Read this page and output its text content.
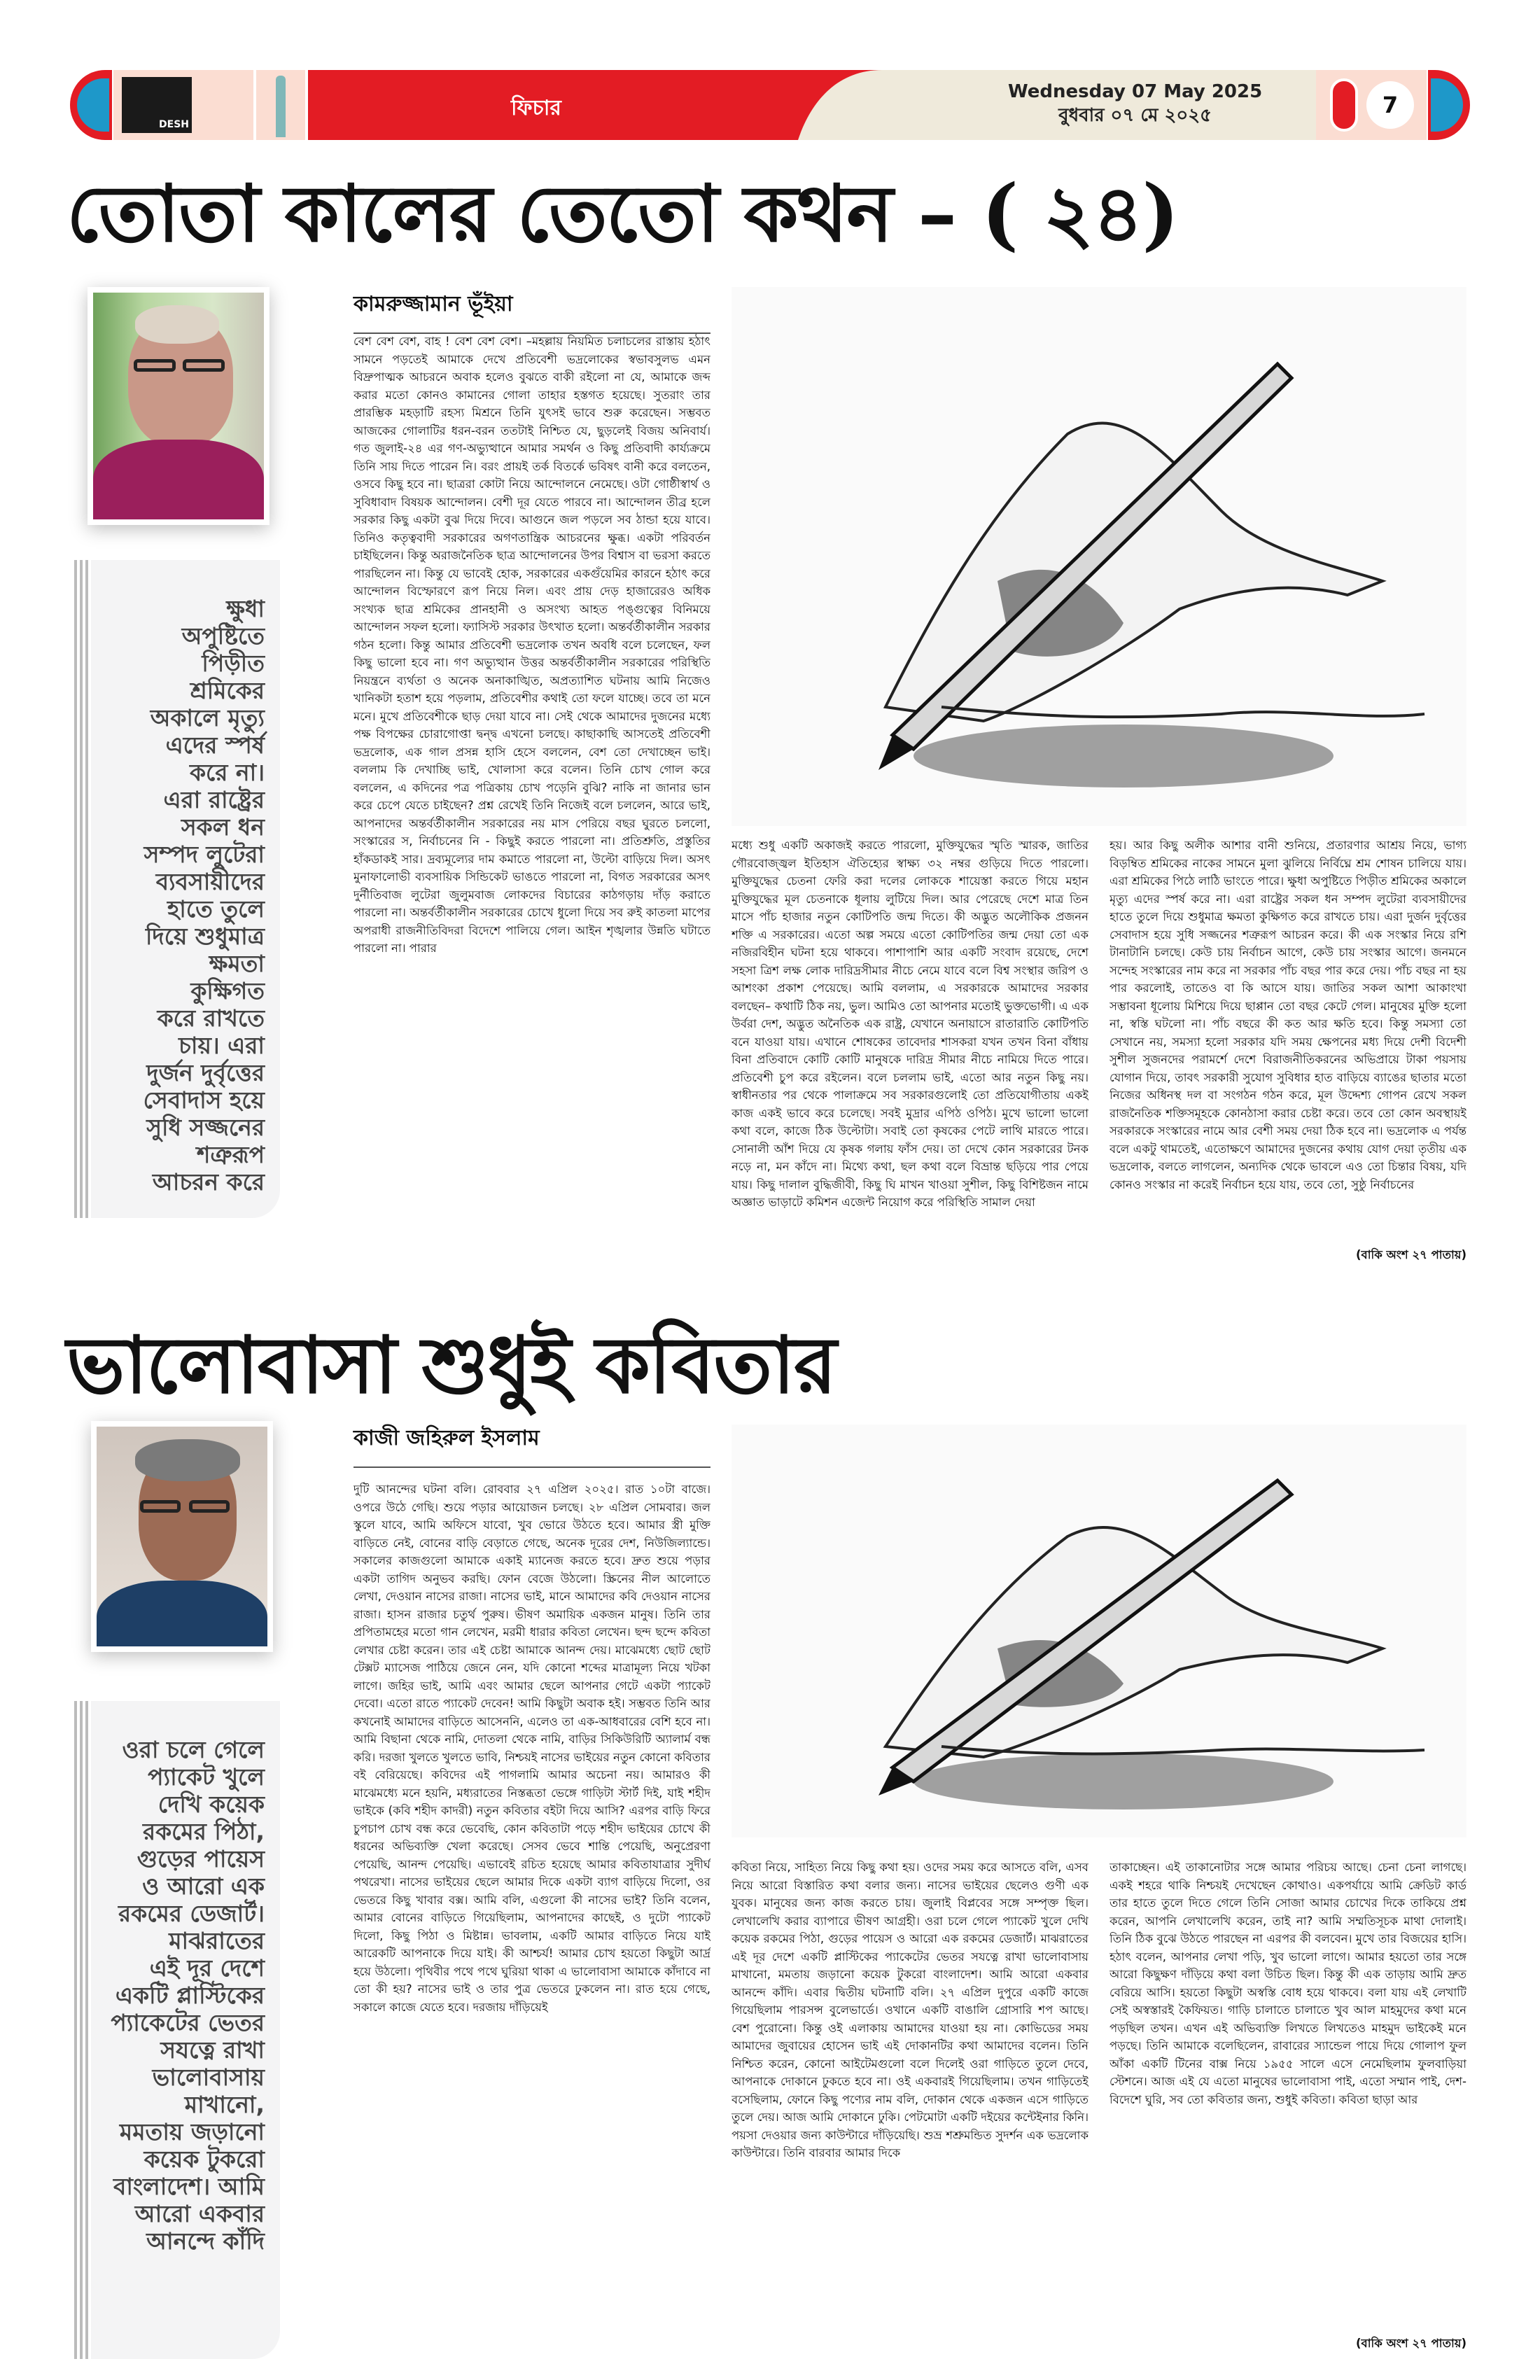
DESH
ফিচার
Wednesday 07 May 2025
বুধবার ০৭ মে ২০২৫	7
তোতা কালের তেতো কথন – ( ২৪)

ক্ষুধা
অপুষ্টিতে
পিড়ীত
শ্রমিকের
অকালে মৃত্যু
এদের স্পর্ষ
করে না।
এরা রাষ্ট্রের
সকল ধন
সম্পদ লুটেরা
ব্যবসায়ীদের
হাতে তুলে
দিয়ে শুধুমাত্র
ক্ষমতা
কুক্ষিগত
করে রাখতে
চায়। এরা
দুর্জন দুর্বৃত্তের
সেবাদাস হয়ে
সুধি সজ্জনের
শত্রুরূপ
আচরন করে

কামরুজ্জামান ভূঁইয়া

বেশ বেশ বেশ, বাহ ! বেশ বেশ বেশ। –মহল্লায় নিয়মিত চলাচলের রাস্তায় হঠাৎ সামনে পড়তেই আমাকে দেখে প্রতিবেশী ভদ্রলোকের স্বভাবসুলভ এমন বিদ্রুপাত্মক আচরনে অবাক হলেও বুঝতে বাকী রইলো না যে, আমাকে জব্দ করার মতো কোনও কামানের গোলা তাহার হস্তগত হয়েছে। সুতরাং তার প্রারম্ভিক মহড়াটি রহস্য মিশ্রনে তিনি যুৎসই ভাবে শুরু করেছেন। সম্ভবত আজকের গোলাটির ধরন-বরন ততটাই নিশ্চিত যে, ছুড়লেই বিজয় অনিবার্য। গত জুলাই-২৪ এর গণ-অভ্যুত্থানে আমার সমর্থন ও কিছু প্রতিবাদী কার্য্যক্রমে তিনি সায় দিতে পারেন নি। বরং প্রায়ই তর্ক বিতর্কে ভবিষৎ বানী করে বলতেন, ওসবে কিছু হবে না। ছাত্ররা কোটা নিয়ে আন্দোলনে নেমেছে। ওটা গোষ্ঠীস্বার্থ ও সুবিধাবাদ বিষয়ক আন্দোলন। বেশী দূর যেতে পারবে না। আন্দোলন তীব্র হলে সরকার কিছু একটা বুঝ দিয়ে দিবে। আগুনে জল পড়লে সব ঠান্ডা হয়ে যাবে। তিনিও কতৃত্ববাদী সরকারের অগণতান্ত্রিক আচরনের ক্ষুব্ধ। একটা পরিবর্তন চাইছিলেন। কিন্তু অরাজনৈতিক ছাত্র আন্দোলনের উপর বিশ্বাস বা ভরসা করতে পারছিলেন না। কিন্তু যে ভাবেই হোক, সরকারের একগুঁয়েমির কারনে হঠাৎ করে আন্দোলন বিস্ফোরণে রূপ নিয়ে নিল। এবং প্রায় দেড় হাজারেরও অধিক সংখ্যক ছাত্র শ্রমিকের প্রানহানী ও অসংখ্য আহত পঙ্গুত্বের বিনিময়ে আন্দোলন সফল হলো। ফ্যাসিস্ট সরকার উৎখাত হলো। অন্তর্বর্তীকালীন সরকার গঠন হলো। কিন্তু আমার প্রতিবেশী ভদ্রলোক তখন অবধি বলে চলেছেন, ফল কিছু ভালো হবে না। গণ অভ্যুত্থান উত্তর অন্তর্বর্তীকালীন সরকারের পরিস্থিতি নিয়ন্ত্রনে ব্যর্থতা ও অনেক অনাকাঙ্খিত, অপ্রত্যাশিত ঘটনায় আমি নিজেও খানিকটা হতাশ হয়ে পড়লাম, প্রতিবেশীর কথাই তো ফলে যাচ্ছে। তবে তা মনে মনে। মুখে প্রতিবেশীকে ছাড় দেয়া যাবে না। সেই থেকে আমাদের দুজনের মধ্যে পক্ষ বিপক্ষের চোরাগোপ্তা দ্বন্দ্ব এখনো চলছে। কাছাকাছি আসতেই প্রতিবেশী ভদ্রলোক, এক গাল প্রসন্ন হাসি হেসে বললেন, বেশ তো দেখাচ্ছেন ভাই। বললাম কি দেখাচ্ছি ভাই, খোলাসা করে বলেন। তিনি চোখ গোল করে বললেন, এ কদিনের পত্র পত্রিকায় চোখ পড়েনি বুঝি? নাকি না জানার ভান করে চেপে যেতে চাইছেন? প্রশ্ন রেখেই তিনি নিজেই বলে চললেন, আরে ভাই, আপনাদের অন্তর্বর্তীকালীন সরকারের নয় মাস পেরিয়ে বছর ঘুরতে চললো, সংস্কারের স, নির্বাচনের নি - কিছুই করতে পারলো না। প্রতিশ্রুতি, প্রস্তুতির হাঁকডাকই সার। দ্রব্যমূল্যের দাম কমাতে পারলো না, উল্টো বাড়িয়ে দিল। অসৎ মুনাফালোভী ব্যবসায়িক সিন্ডিকেট ভাঙতে পারলো না, বিগত সরকারের অসৎ দুর্নীতিবাজ লুটেরা জুলুমবাজ লোকদের বিচারের কাঠগড়ায় দাঁড় করাতে পারলো না। অন্তর্বর্তীকালীন সরকারের চোখে ধুলো দিয়ে সব রুই কাতলা মাপের অপরাধী রাজনীতিবিদরা বিদেশে পালিয়ে গেল। আইন শৃঙ্খলার উন্নতি ঘটাতে পারলো না। পারার

মধ্যে শুধু একটি অকাজই করতে পারলো, মুক্তিযুদ্ধের স্মৃতি স্মারক, জাতির গৌরবোজ্জ্বল ইতিহাস ঐতিহ্যের স্বাক্ষ্য ৩২ নম্বর গুড়িয়ে দিতে পারলো। মুক্তিযুদ্ধের চেতনা ফেরি করা দলের লোককে শায়েস্তা করতে গিয়ে মহান মুক্তিযুদ্ধের মূল চেতনাকে ধূলায় লুটিয়ে দিল। আর পেরেছে দেশে মাত্র তিন মাসে পাঁচ হাজার নতুন কোটিপতি জন্ম দিতে। কী অদ্ভুত অলৌকিক প্রজনন শক্তি এ সরকারের। এতো অল্প সময়ে এতো কোটিপতির জন্ম দেয়া তো এক নজিরবিহীন ঘটনা হয়ে থাকবে। পাশাপাশি আর একটি সংবাদ রয়েছে, দেশে সহসা ত্রিশ লক্ষ লোক দারিদ্রসীমার নীচে নেমে যাবে বলে বিশ্ব সংস্থার জরিপ ও আশংকা প্রকাশ পেয়েছে। আমি বললাম, এ সরকারকে আমাদের সরকার বলছেন– কথাটি ঠিক নয়, ভুল। আমিও তো আপনার মতোই ভুক্তভোগী। এ এক উর্বরা দেশ, অদ্ভুত অনৈতিক এক রাষ্ট্র, যেখানে অনায়াসে রাতারাতি কোটিপতি বনে যাওয়া যায়। এখানে শোষকের তাবেদার শাসকরা যখন তখন বিনা বাঁধায় বিনা প্রতিবাদে কোটি কোটি মানুষকে দারিদ্র সীমার নীচে নামিয়ে দিতে পারে। প্রতিবেশী চুপ করে রইলেন। বলে চললাম ভাই, এতো আর নতুন কিছু নয়। স্বাধীনতার পর থেকে পালাক্রমে সব সরকারগুলোই তো প্রতিযোগীতায় একই কাজ একই ভাবে করে চলেছে। সবই মুদ্রার এপিঠ ওপিঠ। মুখে ভালো ভালো কথা বলে, কাজে ঠিক উল্টোটা। সবাই তো কৃষকের পেটে লাথি মারতে পারে। সোনালী আঁশ দিয়ে যে কৃষক গলায় ফাঁস দেয়। তা দেখে কোন সরকারের টনক নড়ে না, মন কাঁদে না। মিথ্যে কথা, ছল কথা বলে বিভ্রান্ত ছড়িয়ে পার পেয়ে যায়। কিছু দালাল বুদ্ধিজীবী, কিছু ঘি মাখন খাওয়া সুশীল, কিছু বিশিষ্টজন নামে অজ্ঞাত ভাড়াটে কমিশন এজেন্ট নিয়োগ করে পরিস্থিতি সামাল দেয়া

হয়। আর কিছু অলীক আশার বানী শুনিয়ে, প্রতারণার আশ্রয় নিয়ে, ভাগ্য বিড়ম্বিত শ্রমিকের নাকের সামনে মুলা ঝুলিয়ে নির্বিঘ্নে শ্রম শোষন চালিয়ে যায়। এরা শ্রমিকের পিঠে লাঠি ভাংতে পারে। ক্ষুধা অপুষ্টিতে পিড়ীত শ্রমিকের অকালে মৃত্যু এদের স্পর্ষ করে না। এরা রাষ্ট্রের সকল ধন সম্পদ লুটেরা ব্যবসায়ীদের হাতে তুলে দিয়ে শুধুমাত্র ক্ষমতা কুক্ষিগত করে রাখতে চায়। এরা দুর্জন দুর্বৃত্তের সেবাদাস হয়ে সুধি সজ্জনের শত্রুরূপ আচরন করে। কী এক সংস্কার নিয়ে রশি টানাটানি চলছে। কেউ চায় নির্বাচন আগে, কেউ চায় সংস্কার আগে। জনমনে সন্দেহ সংস্কারের নাম করে না সরকার পাঁচ বছর পার করে দেয়। পাঁচ বছর না হয় পার করলোই, তাতেও বা কি আসে যায়। জাতির সকল আশা আকাংখা সম্ভাবনা ধূলোয় মিশিয়ে দিয়ে ছাপ্পান তো বছর কেটে গেল। মানুষের মুক্তি হলো না, স্বস্তি ঘটলো না। পাঁচ বছরে কী কত আর ক্ষতি হবে। কিন্তু সমস্যা তো সেখানে নয়, সমস্যা হলো সরকার যদি সময় ক্ষেপনের মধ্য দিয়ে দেশী বিদেশী সুশীল সুজনদের পরামর্শে দেশে বিরাজনীতিকরনের অভিপ্রায়ে টাকা পয়সায় যোগান দিয়ে, তাবৎ সরকারী সুযোগ সুবিধার হাত বাড়িয়ে ব্যাঙের ছাতার মতো নিজের অধিনস্থ দল বা সংগঠন গঠন করে, মূল উদ্দেশ্য গোপন রেখে সকল রাজনৈতিক শক্তিসমূহকে কোনঠাসা করার চেষ্টা করে। তবে তো কোন অবস্থায়ই সরকারকে সংস্কারের নামে আর বেশী সময় দেয়া ঠিক হবে না। ভদ্রলোক এ পর্যন্ত বলে একটু থামতেই, এতোক্ষণে আমাদের দুজনের কথায় যোগ দেয়া তৃতীয় এক ভদ্রলোক, বলতে লাগলেন, অন্যদিক থেকে ভাবলে এও তো চিন্তার বিষয়, যদি কোনও সংস্কার না করেই নির্বাচন হয়ে যায়, তবে তো, সুষ্ঠু নির্বাচনের

(বাকি অংশ ২৭ পাতায়)
ভালোবাসা শুধুই কবিতার

ওরা চলে গেলে
প্যাকেট খুলে
দেখি কয়েক
রকমের পিঠা,
গুড়ের পায়েস
ও আরো এক
রকমের ডেজার্ট।
মাঝরাতের
এই দূর দেশে
একটি প্লাস্টিকের
প্যাকেটের ভেতর
সযত্নে রাখা
ভালোবাসায়
মাখানো,
মমতায় জড়ানো
কয়েক টুকরো
বাংলাদেশ। আমি
আরো একবার
আনন্দে কাঁদি

কাজী জহিরুল ইসলাম

দুটি আনন্দের ঘটনা বলি। রোববার ২৭ এপ্রিল ২০২৫। রাত ১০টা বাজে। ওপরে উঠে গেছি। শুয়ে পড়ার আয়োজন চলছে। ২৮ এপ্রিল সোমবার। জল স্কুলে যাবে, আমি অফিসে যাবো, খুব ভোরে উঠতে হবে। আমার স্ত্রী মুক্তি বাড়িতে নেই, বোনের বাড়ি বেড়াতে গেছে, অনেক দূরের দেশ, নিউজিল্যান্ডে। সকালের কাজগুলো আমাকে একাই ম্যানেজ করতে হবে। দ্রুত শুয়ে পড়ার একটা তাগিদ অনুভব করছি। ফোন বেজে উঠলো। স্ক্রিনের নীল আলোতে লেখা, দেওয়ান নাসের রাজা। নাসের ভাই, মানে আমাদের কবি দেওয়ান নাসের রাজা। হাসন রাজার চতুর্থ পুরুষ। ভীষণ অমায়িক একজন মানুষ। তিনি তার প্রপিতামহের মতো গান লেখেন, মরমী ধারার কবিতা লেখেন। ছন্দ ছন্দে কবিতা লেখার চেষ্টা করেন। তার এই চেষ্টা আমাকে আনন্দ দেয়। মাঝেমধ্যে ছোট ছোট টেক্সট ম্যাসেজ পাঠিয়ে জেনে নেন, যদি কোনো শব্দের মাত্রামূল্য নিয়ে খটকা লাগে। জহির ভাই, আমি এবং আমার ছেলে আপনার গেটে একটা প্যাকেট দেবো। এতো রাতে প্যাকেট দেবেন! আমি কিছুটা অবাক হই। সম্ভবত তিনি আর কখনোই আমাদের বাড়িতে আসেননি, এলেও তা এক-আধবারের বেশি হবে না। আমি বিছানা থেকে নামি, দোতলা থেকে নামি, বাড়ির সিকিউরিটি অ্যালার্ম বন্ধ করি। দরজা খুলতে খুলতে ভাবি, নিশ্চয়ই নাসের ভাইয়ের নতুন কোনো কবিতার বই বেরিয়েছে। কবিদের এই পাগলামি আমার অচেনা নয়। আমারও কী মাঝেমধ্যে মনে হয়নি, মধ্যরাতের নিস্তব্ধতা ভেঙ্গে গাড়িটা স্টার্ট দিই, যাই শহীদ ভাইকে (কবি শহীদ কাদরী) নতুন কবিতার বইটা দিয়ে আসি? এরপর বাড়ি ফিরে চুপচাপ চোখ বন্ধ করে ভেবেছি, কোন কবিতাটা পড়ে শহীদ ভাইয়ের চোখে কী ধরনের অভিব্যক্তি খেলা করেছে। সেসব ভেবে শান্তি পেয়েছি, অনুপ্রেরণা পেয়েছি, আনন্দ পেয়েছি। এভাবেই রচিত হয়েছে আমার কবিতাযাত্রার সুদীর্ঘ পথরেখা। নাসের ভাইয়ের ছেলে আমার দিকে একটা ব্যাগ বাড়িয়ে দিলো, ওর ভেতরে কিছু খাবার বক্স। আমি বলি, এগুলো কী নাসের ভাই? তিনি বলেন, আমার বোনের বাড়িতে গিয়েছিলাম, আপনাদের কাছেই, ও দুটো প্যাকেট দিলো, কিছু পিঠা ও মিষ্টান্ন। ভাবলাম, একটি আমার বাড়িতে নিয়ে যাই আরেকটি আপনাকে দিয়ে যাই। কী আশ্চর্য! আমার চোখ হয়তো কিছুটা আর্দ্র হয়ে উঠলো। পৃথিবীর পথে পথে ঘুরিয়া থাকা এ ভালোবাসা আমাকে কাঁদাবে না তো কী হয়? নাসের ভাই ও তার পুত্র ভেতরে ঢুকলেন না। রাত হয়ে গেছে, সকালে কাজে যেতে হবে। দরজায় দাঁড়িয়েই

কবিতা নিয়ে, সাহিত্য নিয়ে কিছু কথা হয়। ওদের সময় করে আসতে বলি, এসব নিয়ে আরো বিস্তারিত কথা বলার জন্য। নাসের ভাইয়ের ছেলেও গুণী এক যুবক। মানুষের জন্য কাজ করতে চায়। জুলাই বিপ্লবের সঙ্গে সম্পৃক্ত ছিল। লেখালেখি করার ব্যাপারে ভীষণ আগ্রহী। ওরা চলে গেলে প্যাকেট খুলে দেখি কয়েক রকমের পিঠা, গুড়ের পায়েস ও আরো এক রকমের ডেজার্ট। মাঝরাতের এই দূর দেশে একটি প্লাস্টিকের প্যাকেটের ভেতর সযত্নে রাখা ভালোবাসায় মাখানো, মমতায় জড়ানো কয়েক টুকরো বাংলাদেশ। আমি আরো একবার আনন্দে কাঁদি। এবার দ্বিতীয় ঘটনাটি বলি। ২৭ এপ্রিল দুপুরে একটি কাজে গিয়েছিলাম পারসন্স বুলেভার্ডে। ওখানে একটি বাঙালি গ্রোসারি শপ আছে। বেশ পুরোনো। কিন্তু ওই এলাকায় আমাদের যাওয়া হয় না। কোভিডের সময় আমাদের জুবায়ের হোসেন ভাই এই দোকানটির কথা আমাদের বলেন। তিনি নিশ্চিত করেন, কোনো আইটেমগুলো বলে দিলেই ওরা গাড়িতে তুলে দেবে, আপনাকে দোকানে ঢুকতে হবে না। ওই একবারই গিয়েছিলাম। তখন গাড়িতেই বসেছিলাম, ফোনে কিছু পণ্যের নাম বলি, দোকান থেকে একজন এসে গাড়িতে তুলে দেয়। আজ আমি দোকানে ঢুকি। পেটমোটা একটি দইয়ের কন্টেইনার কিনি। পয়সা দেওয়ার জন্য কাউন্টারে দাঁড়িয়েছি। শুভ্র শশ্রুমন্ডিত সুদর্শন এক ভদ্রলোক কাউন্টারে। তিনি বারবার আমার দিকে

তাকাচ্ছেন। এই তাকানোটার সঙ্গে আমার পরিচয় আছে। চেনা চেনা লাগছে। একই শহরে থাকি নিশ্চয়ই দেখেছেন কোথাও। একপর্যায়ে আমি ক্রেডিট কার্ড তার হাতে তুলে দিতে গেলে তিনি সোজা আমার চোখের দিকে তাকিয়ে প্রশ্ন করেন, আপনি লেখালেখি করেন, তাই না? আমি সম্মতিসূচক মাথা দোলাই। তিনি ঠিক বুঝে উঠতে পারছেন না এরপর কী বলবেন। মুখে তার বিজয়ের হাসি। হঠাৎ বলেন, আপনার লেখা পড়ি, খুব ভালো লাগে। আমার হয়তো তার সঙ্গে আরো কিছুক্ষণ দাঁড়িয়ে কথা বলা উচিত ছিল। কিন্তু কী এক তাড়ায় আমি দ্রুত বেরিয়ে আসি। হয়তো কিছুটা অস্বস্তি বোধ হয়ে থাকবে। বলা যায় এই লেখাটি সেই অস্বস্তারই কৈফিয়ত। গাড়ি চালাতে চালাতে খুব আল মাহমুদের কথা মনে পড়ছিল তখন। এখন এই অভিব্যক্তি লিখতে লিখতেও মাহমুদ ভাইকেই মনে পড়ছে। তিনি আমাকে বলেছিলেন, রাবারের স্যান্ডেল পায়ে দিয়ে গোলাপ ফুল আঁকা একটি টিনের বাক্স নিয়ে ১৯৫৫ সালে এসে নেমেছিলাম ফুলবাড়িয়া স্টেশনে। আজ এই যে এতো মানুষের ভালোবাসা পাই, এতো সম্মান পাই, দেশ-বিদেশে ঘুরি, সব তো কবিতার জন্য, শুধুই কবিতা। কবিতা ছাড়া আর

(বাকি অংশ ২৭ পাতায়)
